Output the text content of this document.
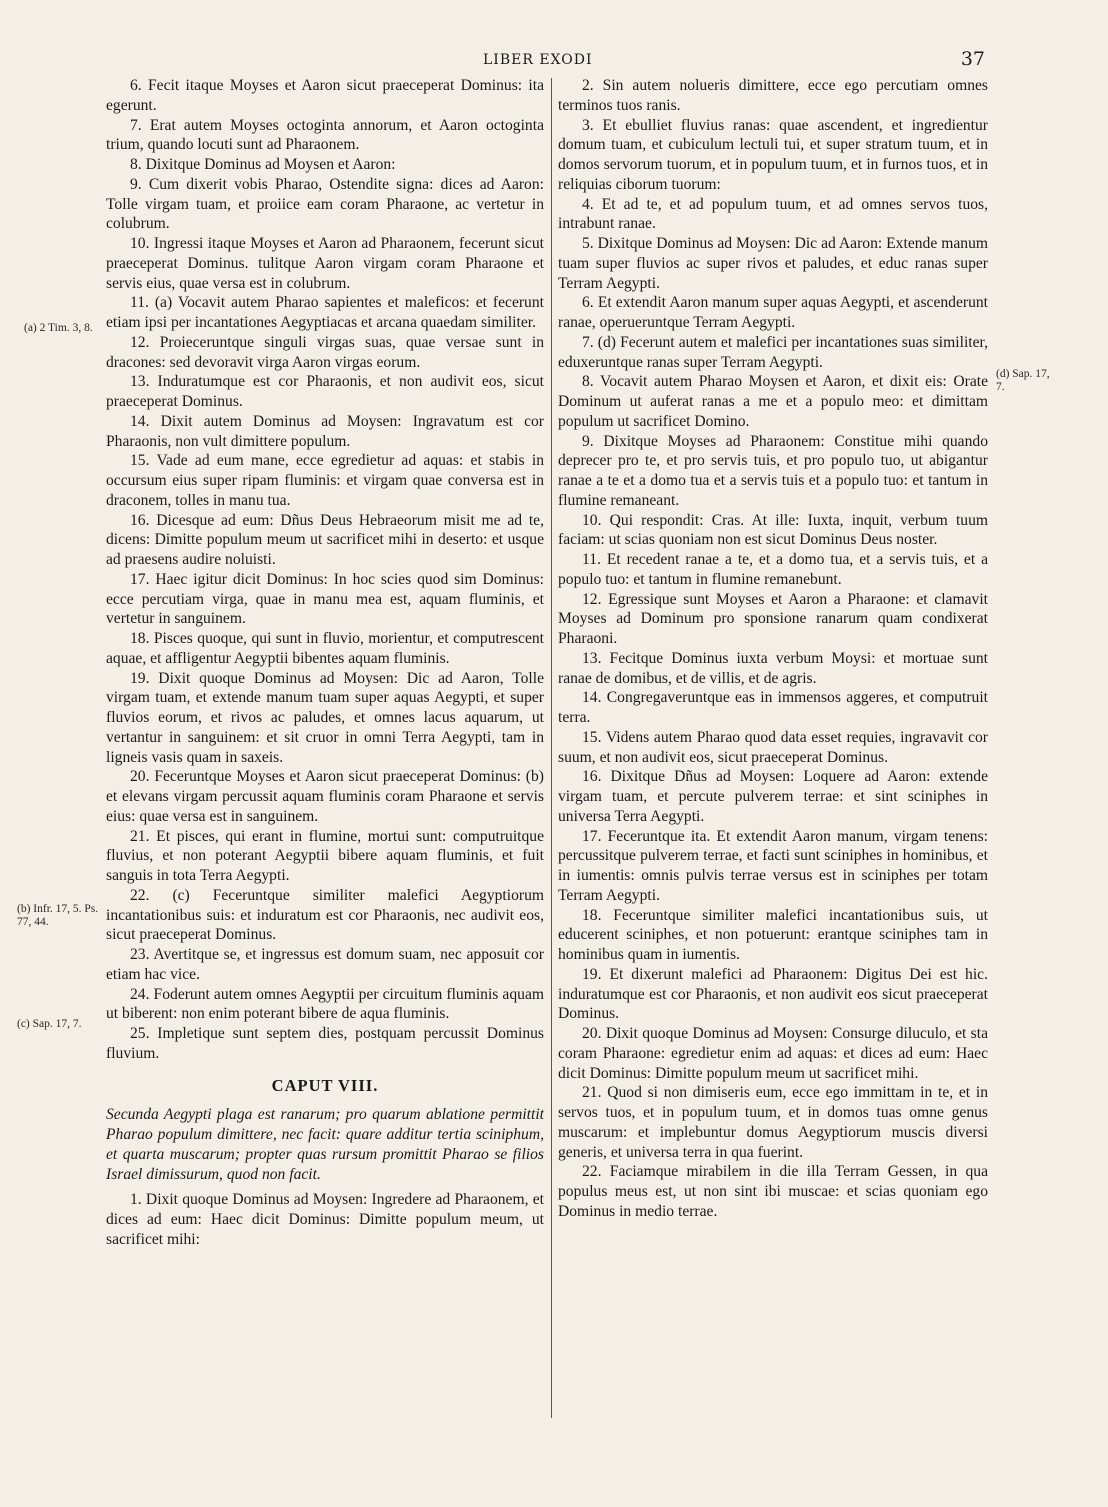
LIBER EXODI	37
(a) 2 Tim. 3, 8.
(b) Infr. 17, 5. Ps. 77, 44.
(c) Sap. 17, 7.
(d) Sap. 17, 7.

6. Fecit itaque Moyses et Aaron sicut praeceperat Dominus: ita egerunt.

7. Erat autem Moyses octoginta annorum, et Aaron octoginta trium, quando locuti sunt ad Pharaonem.

8. Dixitque Dominus ad Moysen et Aaron:

9. Cum dixerit vobis Pharao, Ostendite signa: dices ad Aaron: Tolle virgam tuam, et proiice eam coram Pharaone, ac vertetur in colubrum.

10. Ingressi itaque Moyses et Aaron ad Pharaonem, fecerunt sicut praeceperat Dominus. tulitque Aaron virgam coram Pharaone et servis eius, quae versa est in colubrum.

11. (a) Vocavit autem Pharao sapientes et maleficos: et fecerunt etiam ipsi per incantationes Aegyptiacas et arcana quaedam similiter.

12. Proieceruntque singuli virgas suas, quae versae sunt in dracones: sed devoravit virga Aaron virgas eorum.

13. Induratumque est cor Pharaonis, et non audivit eos, sicut praeceperat Dominus.

14. Dixit autem Dominus ad Moysen: Ingravatum est cor Pharaonis, non vult dimittere populum.

15. Vade ad eum mane, ecce egredietur ad aquas: et stabis in occursum eius super ripam fluminis: et virgam quae conversa est in draconem, tolles in manu tua.

16. Dicesque ad eum: Dñus Deus Hebraeorum misit me ad te, dicens: Dimitte populum meum ut sacrificet mihi in deserto: et usque ad praesens audire noluisti.

17. Haec igitur dicit Dominus: In hoc scies quod sim Dominus: ecce percutiam virga, quae in manu mea est, aquam fluminis, et vertetur in sanguinem.

18. Pisces quoque, qui sunt in fluvio, morientur, et computrescent aquae, et affligentur Aegyptii bibentes aquam fluminis.

19. Dixit quoque Dominus ad Moysen: Dic ad Aaron, Tolle virgam tuam, et extende manum tuam super aquas Aegypti, et super fluvios eorum, et rivos ac paludes, et omnes lacus aquarum, ut vertantur in sanguinem: et sit cruor in omni Terra Aegypti, tam in ligneis vasis quam in saxeis.

20. Feceruntque Moyses et Aaron sicut praeceperat Dominus: (b) et elevans virgam percussit aquam fluminis coram Pharaone et servis eius: quae versa est in sanguinem.

21. Et pisces, qui erant in flumine, mortui sunt: computruitque fluvius, et non poterant Aegyptii bibere aquam fluminis, et fuit sanguis in tota Terra Aegypti.

22. (c) Feceruntque similiter malefici Aegyptiorum incantationibus suis: et induratum est cor Pharaonis, nec audivit eos, sicut praeceperat Dominus.

23. Avertitque se, et ingressus est domum suam, nec apposuit cor etiam hac vice.

24. Foderunt autem omnes Aegyptii per circuitum fluminis aquam ut biberent: non enim poterant bibere de aqua fluminis.

25. Impletique sunt septem dies, postquam percussit Dominus fluvium.

CAPUT VIII.

Secunda Aegypti plaga est ranarum; pro quarum ablatione permittit Pharao populum dimittere, nec facit: quare additur tertia sciniphum, et quarta muscarum; propter quas rursum promittit Pharao se filios Israel dimissurum, quod non facit.

1. Dixit quoque Dominus ad Moysen: Ingredere ad Pharaonem, et dices ad eum: Haec dicit Dominus: Dimitte populum meum, ut sacrificet mihi:

2. Sin autem nolueris dimittere, ecce ego percutiam omnes terminos tuos ranis.

3. Et ebulliet fluvius ranas: quae ascendent, et ingredientur domum tuam, et cubiculum lectuli tui, et super stratum tuum, et in domos servorum tuorum, et in populum tuum, et in furnos tuos, et in reliquias ciborum tuorum:

4. Et ad te, et ad populum tuum, et ad omnes servos tuos, intrabunt ranae.

5. Dixitque Dominus ad Moysen: Dic ad Aaron: Extende manum tuam super fluvios ac super rivos et paludes, et educ ranas super Terram Aegypti.

6. Et extendit Aaron manum super aquas Aegypti, et ascenderunt ranae, operueruntque Terram Aegypti.

7. (d) Fecerunt autem et malefici per incantationes suas similiter, eduxeruntque ranas super Terram Aegypti.

8. Vocavit autem Pharao Moysen et Aaron, et dixit eis: Orate Dominum ut auferat ranas a me et a populo meo: et dimittam populum ut sacrificet Domino.

9. Dixitque Moyses ad Pharaonem: Constitue mihi quando deprecer pro te, et pro servis tuis, et pro populo tuo, ut abigantur ranae a te et a domo tua et a servis tuis et a populo tuo: et tantum in flumine remaneant.

10. Qui respondit: Cras. At ille: Iuxta, inquit, verbum tuum faciam: ut scias quoniam non est sicut Dominus Deus noster.

11. Et recedent ranae a te, et a domo tua, et a servis tuis, et a populo tuo: et tantum in flumine remanebunt.

12. Egressique sunt Moyses et Aaron a Pharaone: et clamavit Moyses ad Dominum pro sponsione ranarum quam condixerat Pharaoni.

13. Fecitque Dominus iuxta verbum Moysi: et mortuae sunt ranae de domibus, et de villis, et de agris.

14. Congregaveruntque eas in immensos aggeres, et computruit terra.

15. Videns autem Pharao quod data esset requies, ingravavit cor suum, et non audivit eos, sicut praeceperat Dominus.

16. Dixitque Dñus ad Moysen: Loquere ad Aaron: extende virgam tuam, et percute pulverem terrae: et sint sciniphes in universa Terra Aegypti.

17. Feceruntque ita. Et extendit Aaron manum, virgam tenens: percussitque pulverem terrae, et facti sunt sciniphes in hominibus, et in iumentis: omnis pulvis terrae versus est in sciniphes per totam Terram Aegypti.

18. Feceruntque similiter malefici incantationibus suis, ut educerent sciniphes, et non potuerunt: erantque sciniphes tam in hominibus quam in iumentis.

19. Et dixerunt malefici ad Pharaonem: Digitus Dei est hic. induratumque est cor Pharaonis, et non audivit eos sicut praeceperat Dominus.

20. Dixit quoque Dominus ad Moysen: Consurge diluculo, et sta coram Pharaone: egredietur enim ad aquas: et dices ad eum: Haec dicit Dominus: Dimitte populum meum ut sacrificet mihi.

21. Quod si non dimiseris eum, ecce ego immittam in te, et in servos tuos, et in populum tuum, et in domos tuas omne genus muscarum: et implebuntur domus Aegyptiorum muscis diversi generis, et universa terra in qua fuerint.

22. Faciamque mirabilem in die illa Terram Gessen, in qua populus meus est, ut non sint ibi muscae: et scias quoniam ego Dominus in medio terrae.
